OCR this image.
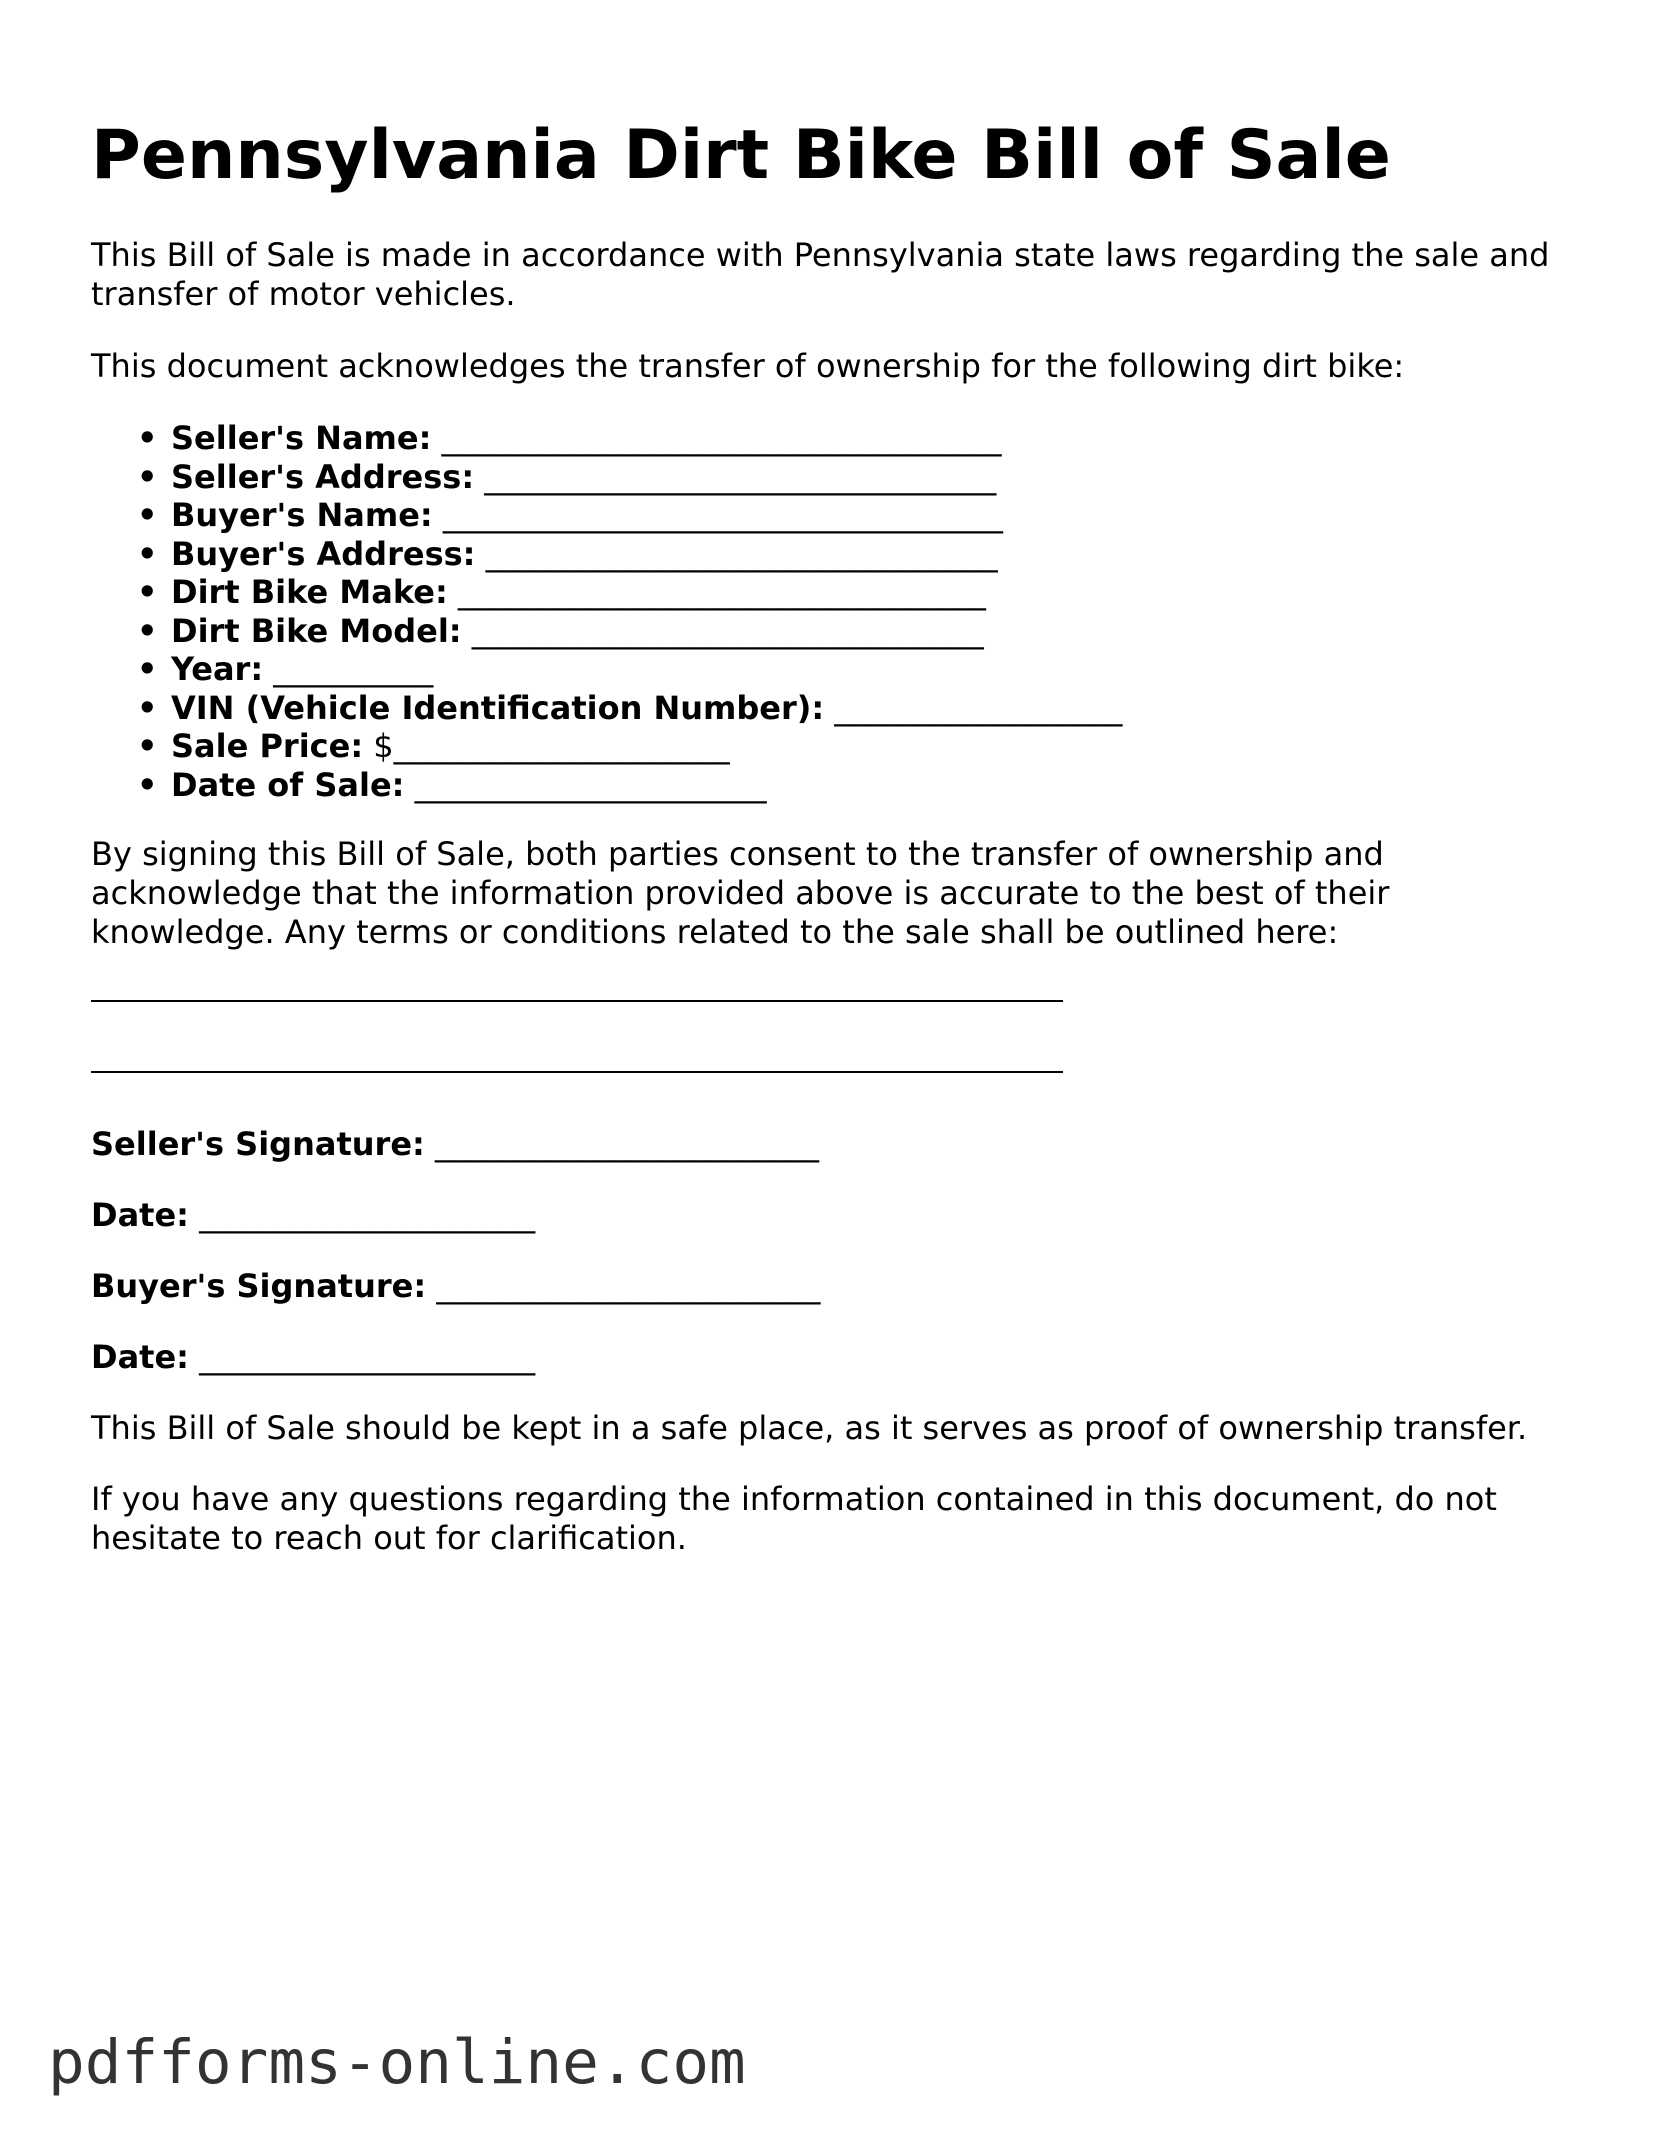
Pennsylvania Dirt Bike Bill of Sale

This Bill of Sale is made in accordance with Pennsylvania state laws regarding the sale and transfer of motor vehicles.

This document acknowledges the transfer of ownership for the following dirt bike:

• Seller's Name: ___________________________________
• Seller's Address: ________________________________
• Buyer's Name: ___________________________________
• Buyer's Address: ________________________________
• Dirt Bike Make: _________________________________
• Dirt Bike Model: ________________________________
• Year: __________
• VIN (Vehicle Identification Number): __________________
• Sale Price: $_____________________
• Date of Sale: ______________________

By signing this Bill of Sale, both parties consent to the transfer of ownership and acknowledge that the information provided above is accurate to the best of their knowledge. Any terms or conditions related to the sale shall be outlined here:

Seller's Signature: ________________________
Date: _____________________
Buyer's Signature: ________________________
Date: _____________________

This Bill of Sale should be kept in a safe place, as it serves as proof of ownership transfer.

If you have any questions regarding the information contained in this document, do not hesitate to reach out for clarification.

pdfforms-online.com
